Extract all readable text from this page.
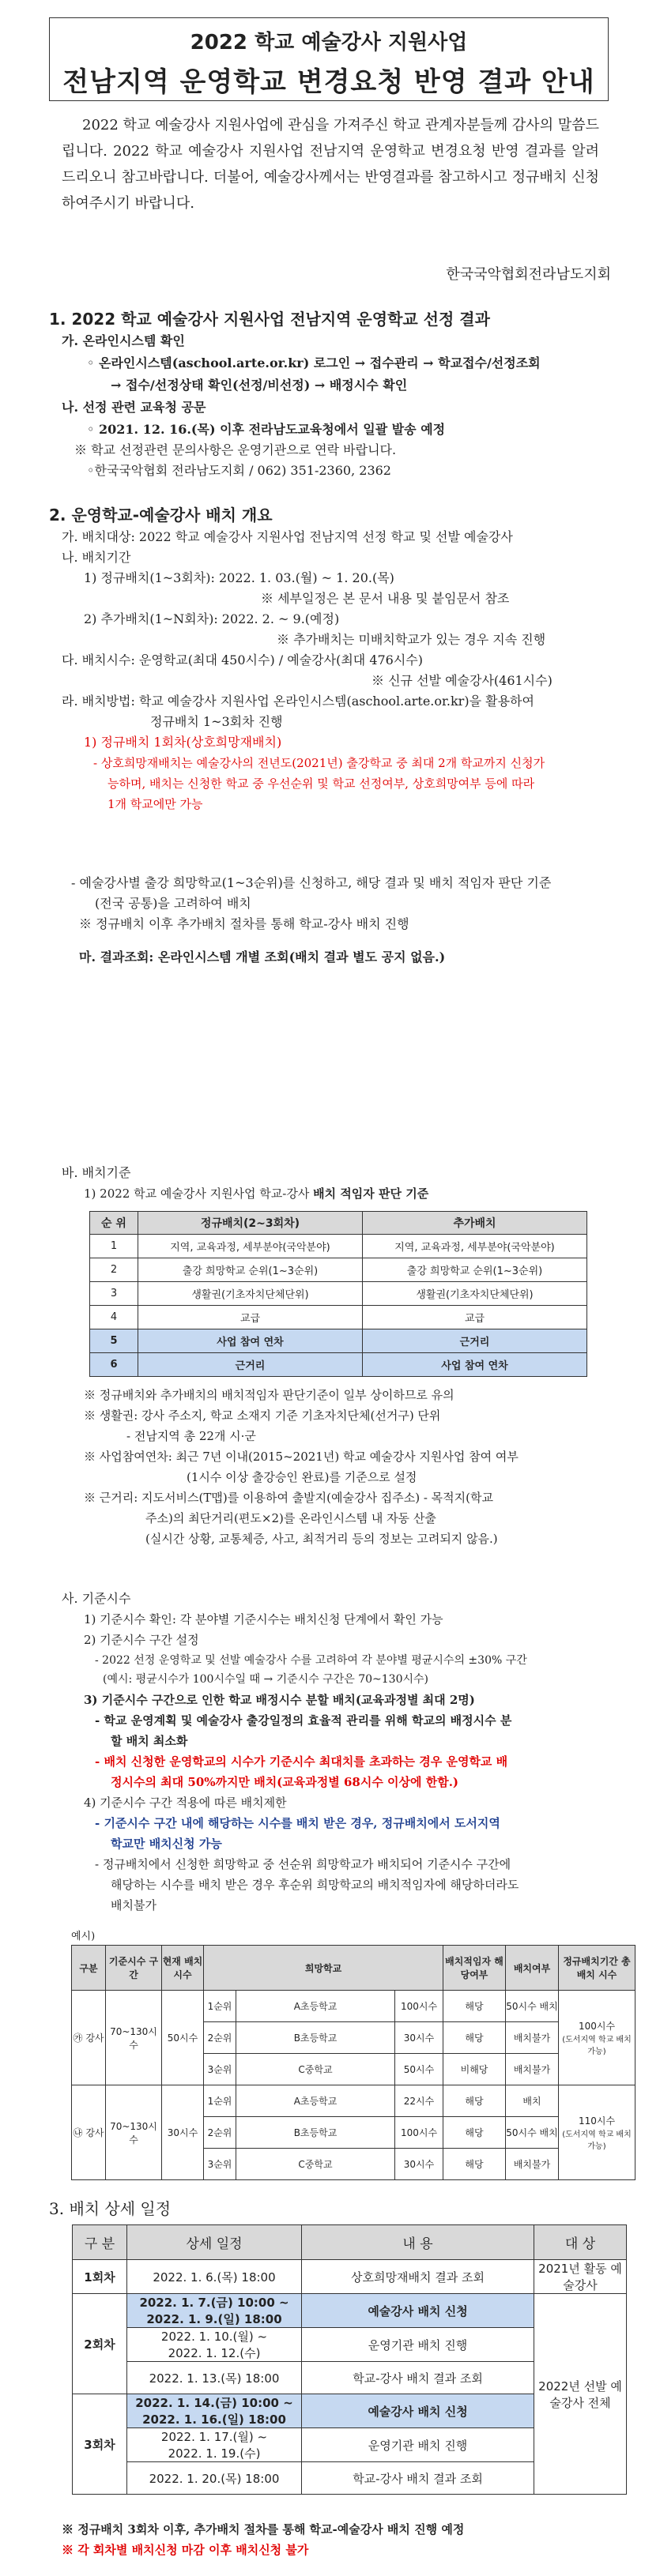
2022 학교 예술강사 지원사업
전남지역 운영학교 변경요청 반영 결과 안내
2022 학교 예술강사 지원사업에 관심을 가져주신 학교 관계자분들께 감사의 말씀드립니다. 2022 학교 예술강사 지원사업 전남지역 운영학교 변경요청 반영 결과를 알려드리오니 참고바랍니다. 더불어, 예술강사께서는 반영결과를 참고하시고 정규배치 신청하여주시기 바랍니다.
한국국악협회전라남도지회
1. 2022 학교 예술강사 지원사업 전남지역 운영학교 선정 결과
가. 온라인시스템 확인
◦ 온라인시스템(aschool.arte.or.kr) 로그인 → 접수관리 → 학교접수/선정조회
→ 접수/선정상태 확인(선정/비선정) → 배정시수 확인
나. 선정 관련 교육청 공문
◦ 2021. 12. 16.(목) 이후 전라남도교육청에서 일괄 발송 예정
※ 학교 선정관련 문의사항은 운영기관으로 연락 바랍니다.
◦한국국악협회 전라남도지회 / 062) 351-2360, 2362
2. 운영학교-예술강사 배치 개요
가. 배치대상: 2022 학교 예술강사 지원사업 전남지역 선정 학교 및 선발 예술강사
나. 배치기간
1) 정규배치(1~3회차): 2022. 1. 03.(월) ~ 1. 20.(목)
※ 세부일정은 본 문서 내용 및 붙임문서 참조
2) 추가배치(1~N회차): 2022. 2. ~ 9.(예정)
※ 추가배치는 미배치학교가 있는 경우 지속 진행
다. 배치시수: 운영학교(최대 450시수) / 예술강사(최대 476시수)
※ 신규 선발 예술강사(461시수)
라. 배치방법: 학교 예술강사 지원사업 온라인시스템(aschool.arte.or.kr)을 활용하여
정규배치 1~3회차 진행
1) 정규배치 1회차(상호희망재배치)
- 상호희망재배치는 예술강사의 전년도(2021년) 출강학교 중 최대 2개 학교까지 신청가
능하며, 배치는 신청한 학교 중 우선순위 및 학교 선정여부, 상호희망여부 등에 따라
1개 학교에만 가능
- 예술강사별 출강 희망학교(1~3순위)를 신청하고, 해당 결과 및 배치 적임자 판단 기준
(전국 공통)을 고려하여 배치
※ 정규배치 이후 추가배치 절차를 통해 학교-강사 배치 진행
마. 결과조회: 온라인시스템 개별 조회(배치 결과 별도 공지 없음.)
바. 배치기준
1) 2022 학교 예술강사 지원사업 학교-강사 배치 적임자 판단 기준
순 위	정규배치(2~3회차)	추가배치
1	지역, 교육과정, 세부분야(국악분야)	지역, 교육과정, 세부분야(국악분야)
2	출강 희망학교 순위(1~3순위)	출강 희망학교 순위(1~3순위)
3	생활권(기초자치단체단위)	생활권(기초자치단체단위)
4	교급	교급
5	사업 참여 연차	근거리
6	근거리	사업 참여 연차
※ 정규배치와 추가배치의 배치적임자 판단기준이 일부 상이하므로 유의
※ 생활권: 강사 주소지, 학교 소재지 기준 기초자치단체(선거구) 단위
- 전남지역 총 22개 시·군
※ 사업참여연차: 최근 7년 이내(2015~2021년) 학교 예술강사 지원사업 참여 여부
(1시수 이상 출강승인 완료)를 기준으로 설정
※ 근거리: 지도서비스(T맵)를 이용하여 출발지(예술강사 집주소) - 목적지(학교
주소)의 최단거리(편도×2)를 온라인시스템 내 자동 산출
(실시간 상황, 교통체증, 사고, 최적거리 등의 정보는 고려되지 않음.)
사. 기준시수
1) 기준시수 확인: 각 분야별 기준시수는 배치신청 단계에서 확인 가능
2) 기준시수 구간 설정
- 2022 선정 운영학교 및 선발 예술강사 수를 고려하여 각 분야별 평균시수의 ±30% 구간
(예시: 평균시수가 100시수일 때 → 기준시수 구간은 70~130시수)
3) 기준시수 구간으로 인한 학교 배정시수 분할 배치(교육과정별 최대 2명)
- 학교 운영계획 및 예술강사 출강일정의 효율적 관리를 위해 학교의 배정시수 분
할 배치 최소화
- 배치 신청한 운영학교의 시수가 기준시수 최대치를 초과하는 경우 운영학교 배
정시수의 최대 50%까지만 배치(교육과정별 68시수 이상에 한함.)
4) 기준시수 구간 적용에 따른 배치제한
- 기준시수 구간 내에 해당하는 시수를 배치 받은 경우, 정규배치에서 도서지역
학교만 배치신청 가능
- 정규배치에서 신청한 희망학교 중 선순위 희망학교가 배치되어 기준시수 구간에
해당하는 시수를 배치 받은 경우 후순위 희망학교의 배치적임자에 해당하더라도
배치불가
예시)
구분	기준시수 구간	현재 배치 시수	희망학교			배치적임자 해당여부	배치여부	정규배치기간 총 배치 시수
㉮ 강사	70~130시수	50시수	1순위	A초등학교	100시수	해당	50시수 배치	100시수
(도서지역 학교 배치 가능)

			2순위	B초등학교	30시수	해당	배치불가	
			3순위	C중학교	50시수	비해당	배치불가	
㉯ 강사	70~130시수	30시수	1순위	A초등학교	22시수	해당	배치	110시수
(도서지역 학교 배치 가능)

			2순위	B초등학교	100시수	해당	50시수 배치	
			3순위	C중학교	30시수	해당	배치불가	
3. 배치 상세 일정
구 분	상세 일정	내 용	대 상
1회차	2022. 1. 6.(목) 18:00	상호희망재배치 결과 조회	2021년 활동 예술강사
2회차	2022. 1. 7.(금) 10:00 ~
2022. 1. 9.(일) 18:00	예술강사 배치 신청	2022년 선발 예술강사 전체

	2022. 1. 10.(월) ~
2022. 1. 12.(수)	운영기관 배치 진행	
	2022. 1. 13.(목) 18:00	학교-강사 배치 결과 조회	
3회차	2022. 1. 14.(금) 10:00 ~
2022. 1. 16.(일) 18:00	예술강사 배치 신청	

	2022. 1. 17.(월) ~
2022. 1. 19.(수)	운영기관 배치 진행	
	2022. 1. 20.(목) 18:00	학교-강사 배치 결과 조회	
※ 정규배치 3회차 이후, 추가배치 절차를 통해 학교-예술강사 배치 진행 예정
※ 각 회차별 배치신청 마감 이후 배치신청 불가
